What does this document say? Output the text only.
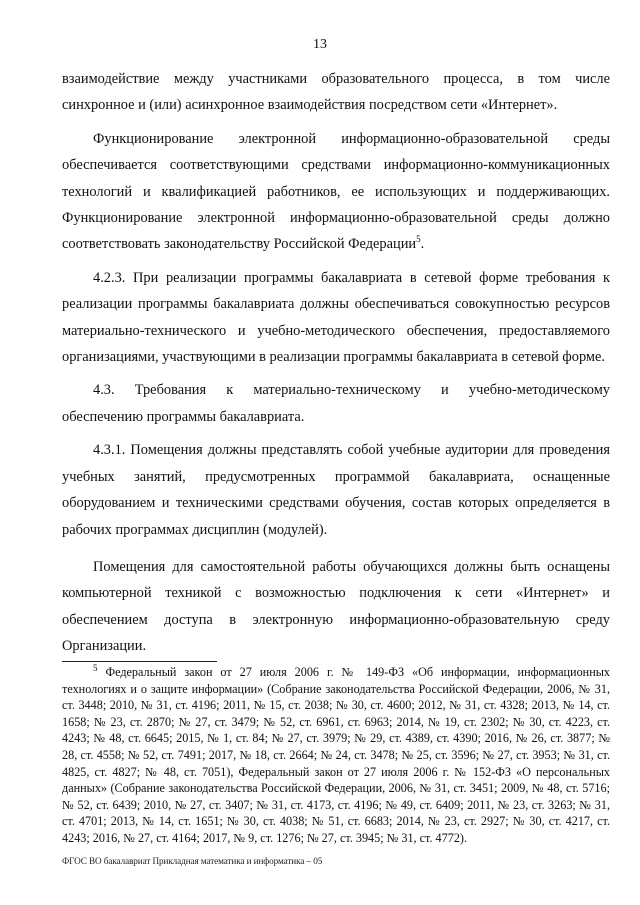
13

взаимодействие между участниками образовательного процесса, в том числе синхронное и (или) асинхронное взаимодействия посредством сети «Интернет».

Функционирование электронной информационно-образовательной среды обеспечивается соответствующими средствами информационно-коммуникационных технологий и квалификацией работников, ее использующих и поддерживающих. Функционирование электронной информационно-образовательной среды должно соответствовать законодательству Российской Федерации$^5$.

4.2.3. При реализации программы бакалавриата в сетевой форме требования к реализации программы бакалавриата должны обеспечиваться совокупностью ресурсов материально-технического и учебно-методического обеспечения, предоставляемого организациями, участвующими в реализации программы бакалавриата в сетевой форме.

4.3. Требования к материально-техническому и учебно-методическому обеспечению программы бакалавриата.

4.3.1. Помещения должны представлять собой учебные аудитории для проведения учебных занятий, предусмотренных программой бакалавриата, оснащенные оборудованием и техническими средствами обучения, состав которых определяется в рабочих программах дисциплин (модулей).

Помещения для самостоятельной работы обучающихся должны быть оснащены компьютерной техникой с возможностью подключения к сети «Интернет» и обеспечением доступа в электронную информационно-образовательную среду Организации.

$^5$ Федеральный закон от 27 июля 2006 г. № 149-ФЗ «Об информации, информационных технологиях и о защите информации» (Собрание законодательства Российской Федерации, 2006, № 31, ст. 3448; 2010, № 31, ст. 4196; 2011, № 15, ст. 2038; № 30, ст. 4600; 2012, № 31, ст. 4328; 2013, № 14, ст. 1658; № 23, ст. 2870; № 27, ст. 3479; № 52, ст. 6961, ст. 6963; 2014, № 19, ст. 2302; № 30, ст. 4223, ст. 4243; № 48, ст. 6645; 2015, № 1, ст. 84; № 27, ст. 3979; № 29, ст. 4389, ст. 4390; 2016, № 26, ст. 3877; № 28, ст. 4558; № 52, ст. 7491; 2017, № 18, ст. 2664; № 24, ст. 3478; № 25, ст. 3596; № 27, ст. 3953; № 31, ст. 4825, ст. 4827; № 48, ст. 7051), Федеральный закон от 27 июля 2006 г. № 152-ФЗ «О персональных данных» (Собрание законодательства Российской Федерации, 2006, № 31, ст. 3451; 2009, № 48, ст. 5716; № 52, ст. 6439; 2010, № 27, ст. 3407; № 31, ст. 4173, ст. 4196; № 49, ст. 6409; 2011, № 23, ст. 3263; № 31, ст. 4701; 2013, № 14, ст. 1651; № 30, ст. 4038; № 51, ст. 6683; 2014, № 23, ст. 2927; № 30, ст. 4217, ст. 4243; 2016, № 27, ст. 4164; 2017, № 9, ст. 1276; № 27, ст. 3945; № 31, ст. 4772).

ФГОС ВО бакалавриат Прикладная математика и информатика – 05
